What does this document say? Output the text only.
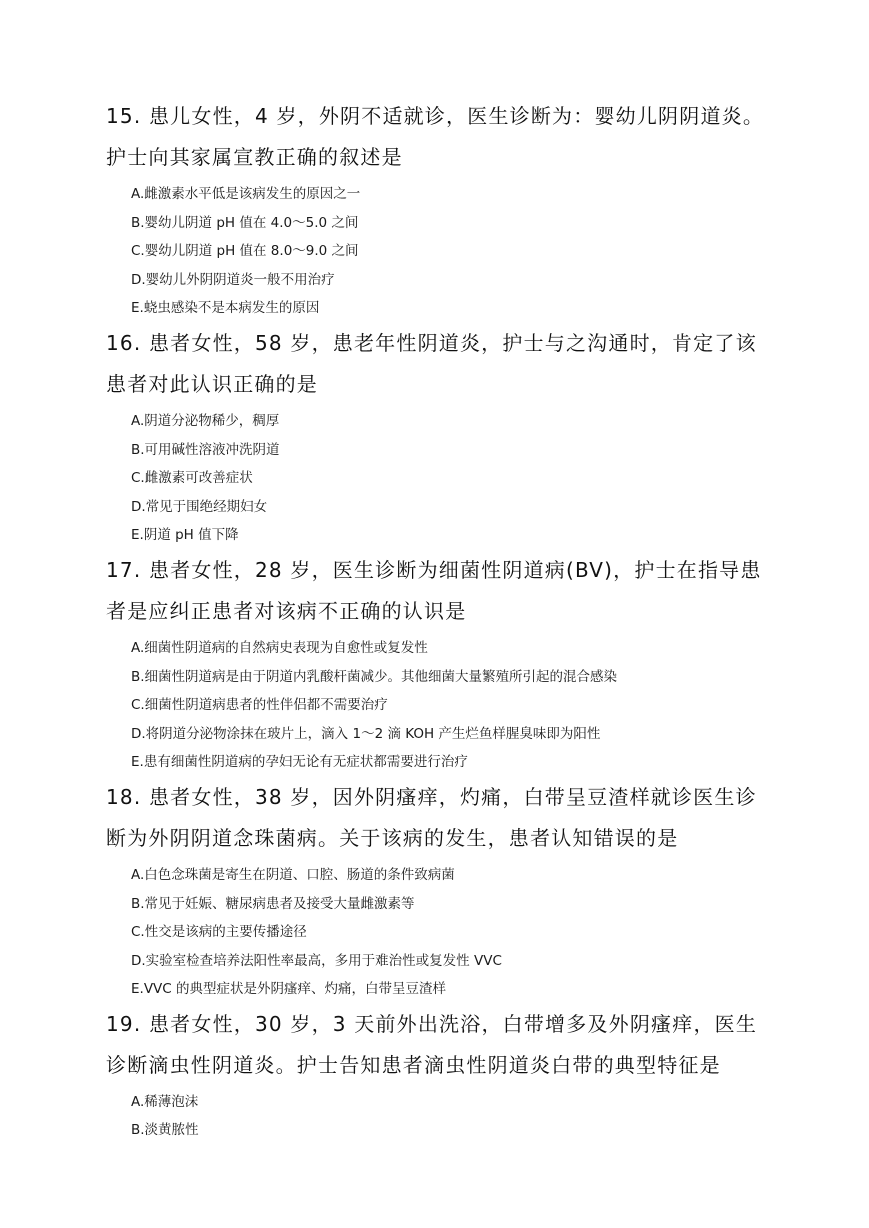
15. 患儿女性，4 岁，外阴不适就诊，医生诊断为：婴幼儿阴阴道炎。护士向其家属宣教正确的叙述是

A.雌激素水平低是该病发生的原因之一
B.婴幼儿阴道 pH 值在 4.0～5.0 之间
C.婴幼儿阴道 pH 值在 8.0～9.0 之间
D.婴幼儿外阴阴道炎一般不用治疗
E.蛲虫感染不是本病发生的原因

16. 患者女性，58 岁，患老年性阴道炎，护士与之沟通时，肯定了该患者对此认识正确的是

A.阴道分泌物稀少，稠厚
B.可用碱性溶液冲洗阴道
C.雌激素可改善症状
D.常见于围绝经期妇女
E.阴道 pH 值下降

17. 患者女性，28 岁，医生诊断为细菌性阴道病(BV)，护士在指导患者是应纠正患者对该病不正确的认识是

A.细菌性阴道病的自然病史表现为自愈性或复发性
B.细菌性阴道病是由于阴道内乳酸杆菌减少。其他细菌大量繁殖所引起的混合感染
C.细菌性阴道病患者的性伴侣都不需要治疗
D.将阴道分泌物涂抹在玻片上，滴入 1～2 滴 KOH 产生烂鱼样腥臭味即为阳性
E.患有细菌性阴道病的孕妇无论有无症状都需要进行治疗

18. 患者女性，38 岁，因外阴瘙痒，灼痛，白带呈豆渣样就诊医生诊断为外阴阴道念珠菌病。关于该病的发生，患者认知错误的是

A.白色念珠菌是寄生在阴道、口腔、肠道的条件致病菌
B.常见于妊娠、糖尿病患者及接受大量雌激素等
C.性交是该病的主要传播途径
D.实验室检查培养法阳性率最高，多用于难治性或复发性 VVC
E.VVC 的典型症状是外阴瘙痒、灼痛，白带呈豆渣样

19. 患者女性，30 岁，3 天前外出洗浴，白带增多及外阴瘙痒，医生诊断滴虫性阴道炎。护士告知患者滴虫性阴道炎白带的典型特征是

A.稀薄泡沫
B.淡黄脓性
